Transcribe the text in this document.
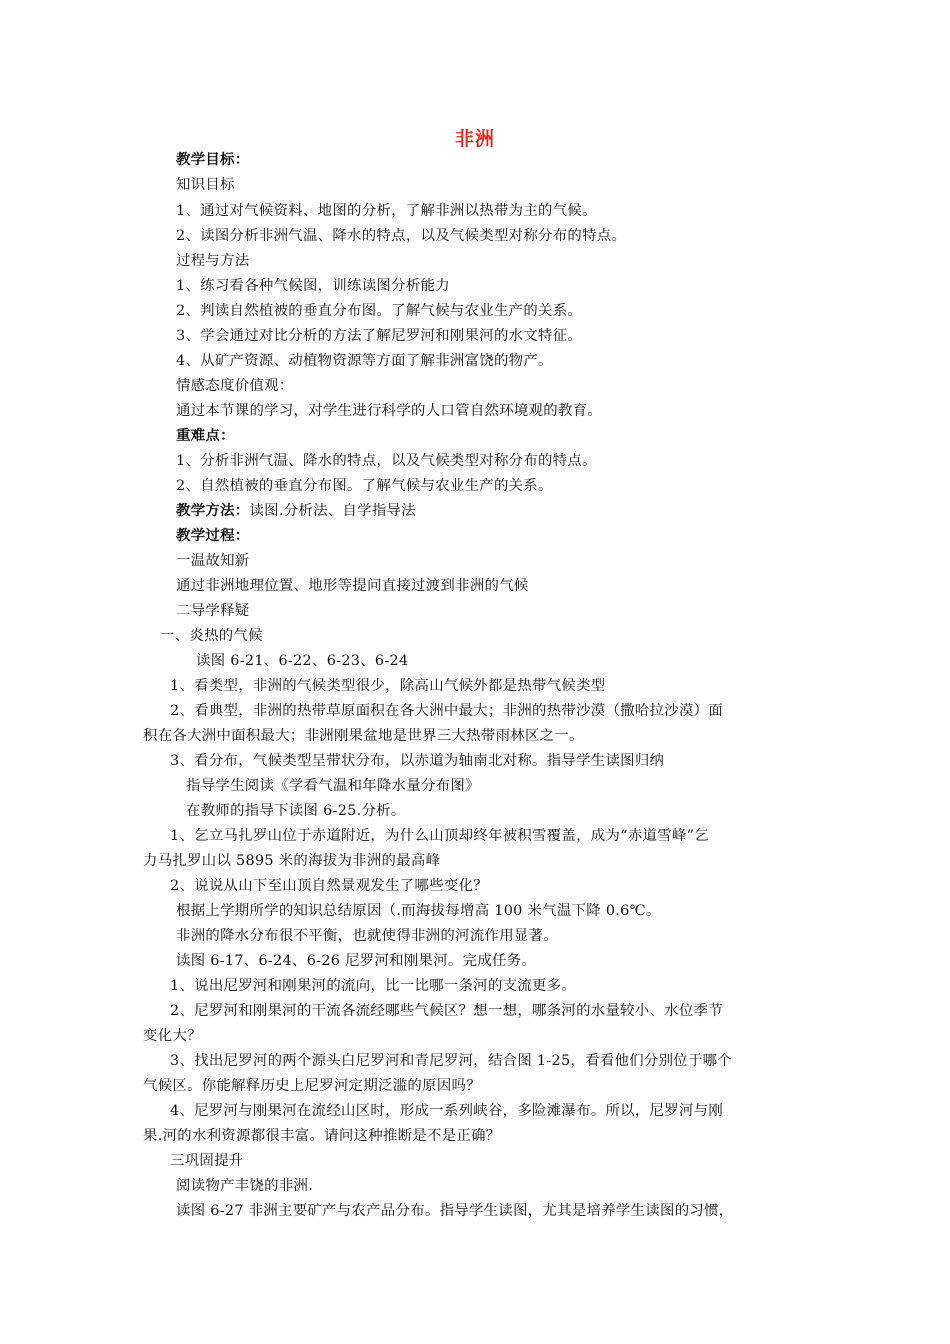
非洲
教学目标：
知识目标
1、通过对气候资料、地图的分析，了解非洲以热带为主的气候。
2、读图分析非洲气温、降水的特点，以及气候类型对称分布的特点。
过程与方法
1、练习看各种气候图，训练读图分析能力
2、判读自然植被的垂直分布图。了解气候与农业生产的关系。
3、学会通过对比分析的方法了解尼罗河和刚果河的水文特征。
4、从矿产资源、动植物资源等方面了解非洲富饶的物产。
情感态度价值观：
通过本节课的学习，对学生进行科学的人口管自然环境观的教育。
重难点：
1、分析非洲气温、降水的特点，以及气候类型对称分布的特点。
2、自然植被的垂直分布图。了解气候与农业生产的关系。
教学方法：读图.分析法、自学指导法
教学过程：
一温故知新
通过非洲地理位置、地形等提问直接过渡到非洲的气候
二导学释疑
一、炎热的气候
读图 6-21、6-22、6-23、6-24
1、看类型，非洲的气候类型很少，除高山气候外都是热带气候类型
2、看典型，非洲的热带草原面积在各大洲中最大；非洲的热带沙漠（撒哈拉沙漠）面
积在各大洲中面积最大；非洲刚果盆地是世界三大热带雨林区之一。
3、看分布，气候类型呈带状分布，以赤道为轴南北对称。指导学生读图归纳
指导学生阅读《学看气温和年降水量分布图》
在教师的指导下读图 6-25.分析。
1、乞立马扎罗山位于赤道附近，为什么山顶却终年被积雪覆盖，成为“赤道雪峰”乞
力马扎罗山以 5895 米的海拔为非洲的最高峰
2、说说从山下至山顶自然景观发生了哪些变化？
根据上学期所学的知识总结原因（.而海拔每增高 100 米气温下降 0.6℃。
非洲的降水分布很不平衡，也就使得非洲的河流作用显著。
读图 6-17、6-24、6-26 尼罗河和刚果河。完成任务。
1、说出尼罗河和刚果河的流向，比一比哪一条河的支流更多。
2、尼罗河和刚果河的干流各流经哪些气候区？想一想，哪条河的水量较小、水位季节
变化大？
3、找出尼罗河的两个源头白尼罗河和青尼罗河，结合图 1-25，看看他们分别位于哪个
气候区。你能解释历史上尼罗河定期泛滥的原因吗？
4、尼罗河与刚果河在流经山区时，形成一系列峡谷，多险滩瀑布。所以，尼罗河与刚
果.河的水利资源都很丰富。请问这种推断是不是正确？
三巩固提升
阅读物产丰饶的非洲.
读图 6-27 非洲主要矿产与农产品分布。指导学生读图，尤其是培养学生读图的习惯，
